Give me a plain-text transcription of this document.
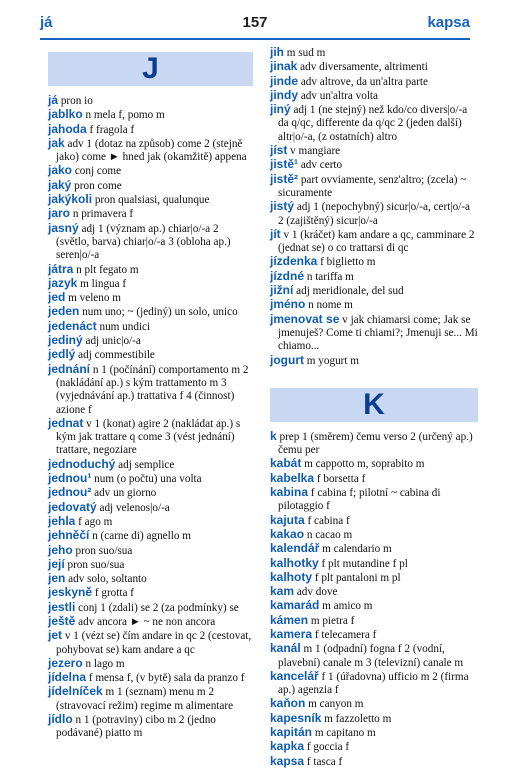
já	157	kapsa
J

já pron io

jablko n mela f, pomo m

jahoda f fragola f

jak adv 1 (dotaz na způsob) come 2 (stejně jako) come ► hned jak (okamžitě) appena

jako conj come

jaký pron come

jakýkoli pron qualsiasi, qualunque

jaro n primavera f

jasný adj 1 (význam ap.) chiar|o/-a 2 (světlo, barva) chiar|o/-a 3 (obloha ap.) seren|o/-a

játra n plt fegato m

jazyk m lingua f

jed m veleno m

jeden num uno; ~ (jediný) un solo, unico

jedenáct num undici

jediný adj unic|o/-a

jedlý adj commestibile

jednání n 1 (počínání) comportamento m 2 (nakládání ap.) s kým trattamento m 3 (vyjednávání ap.) trattativa f 4 (činnost) azione f

jednat v 1 (konat) agire 2 (nakládat ap.) s kým jak trattare q come 3 (vést jednání) trattare, negoziare

jednoduchý adj semplice

jednou¹ num (o počtu) una volta

jednou² adv un giorno

jedovatý adj velenos|o/-a

jehla f ago m

jehněčí n (carne di) agnello m

jeho pron suo/sua

její pron suo/sua

jen adv solo, soltanto

jeskyně f grotta f

jestli conj 1 (zdali) se 2 (za podmínky) se

ještě adv ancora ► ~ ne non ancora

jet v 1 (vézt se) čím andare in qc 2 (cestovat, pohybovat se) kam andare a qc

jezero n lago m

jídelna f mensa f, (v bytě) sala da pranzo f

jídelníček m 1 (seznam) menu m 2 (stravovací režim) regime m alimentare

jídlo n 1 (potraviny) cibo m 2 (jedno podávané) piatto m

jih m sud m

jinak adv diversamente, altrimenti

jinde adv altrove, da un'altra parte

jindy adv un'altra volta

jiný adj 1 (ne stejný) než kdo/co divers|o/-a da q/qc, differente da q/qc 2 (jeden další) altr|o/-a, (z ostatních) altro

jíst v mangiare

jistě¹ adv certo

jistě² part ovviamente, senz'altro; (zcela) ~ sicuramente

jistý adj 1 (nepochybný) sicur|o/-a, cert|o/-a 2 (zajištěný) sicur|o/-a

jít v 1 (kráčet) kam andare a qc, camminare 2 (jednat se) o co trattarsi di qc

jízdenka f biglietto m

jízdné n tariffa m

jižní adj meridionale, del sud

jméno n nome m

jmenovat se v jak chiamarsi come; Jak se jmenuješ? Come ti chiami?; Jmenuji se... Mi chiamo...

jogurt m yogurt m

K

k prep 1 (směrem) čemu verso 2 (určený ap.) čemu per

kabát m cappotto m, soprabito m

kabelka f borsetta f

kabina f cabina f; pilotní ~ cabina di pilotaggio f

kajuta f cabina f

kakao n cacao m

kalendář m calendario m

kalhotky f plt mutandine f pl

kalhoty f plt pantaloni m pl

kam adv dove

kamarád m amico m

kámen m pietra f

kamera f telecamera f

kanál m 1 (odpadní) fogna f 2 (vodní, plavební) canale m 3 (televizní) canale m

kancelář f 1 (úřadovna) ufficio m 2 (firma ap.) agenzia f

kaňon m canyon m

kapesník m fazzoletto m

kapitán m capitano m

kapka f goccia f

kapsa f tasca f
